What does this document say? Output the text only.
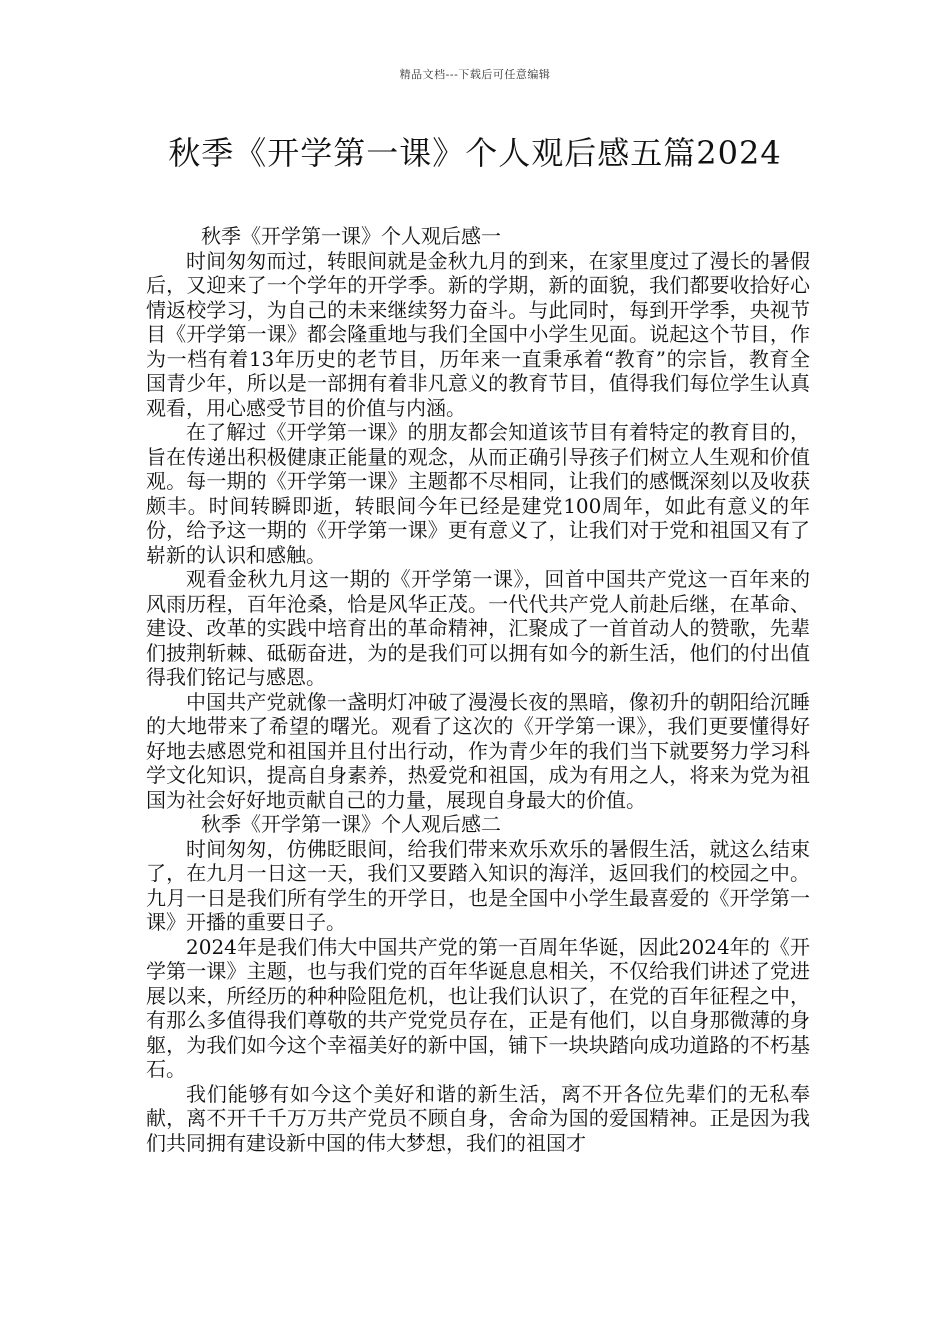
精品文档---下载后可任意编辑
秋季《开学第一课》个人观后感五篇2024

秋季《开学第一课》个人观后感一

时间匆匆而过，转眼间就是金秋九月的到来，在家里度过了漫长的暑假后，又迎来了一个学年的开学季。新的学期，新的面貌，我们都要收拾好心情返校学习，为自己的未来继续努力奋斗。与此同时，每到开学季，央视节目《开学第一课》都会隆重地与我们全国中小学生见面。说起这个节目，作为一档有着13年历史的老节目，历年来一直秉承着“教育”的宗旨，教育全国青少年，所以是一部拥有着非凡意义的教育节目，值得我们每位学生认真观看，用心感受节目的价值与内涵。

在了解过《开学第一课》的朋友都会知道该节目有着特定的教育目的，旨在传递出积极健康正能量的观念，从而正确引导孩子们树立人生观和价值观。每一期的《开学第一课》主题都不尽相同，让我们的感慨深刻以及收获颇丰。时间转瞬即逝，转眼间今年已经是建党100周年，如此有意义的年份，给予这一期的《开学第一课》更有意义了，让我们对于党和祖国又有了崭新的认识和感触。

观看金秋九月这一期的《开学第一课》，回首中国共产党这一百年来的风雨历程，百年沧桑，恰是风华正茂。一代代共产党人前赴后继，在革命、建设、改革的实践中培育出的革命精神，汇聚成了一首首动人的赞歌，先辈们披荆斩棘、砥砺奋进，为的是我们可以拥有如今的新生活，他们的付出值得我们铭记与感恩。

中国共产党就像一盏明灯冲破了漫漫长夜的黑暗，像初升的朝阳给沉睡的大地带来了希望的曙光。观看了这次的《开学第一课》，我们更要懂得好好地去感恩党和祖国并且付出行动，作为青少年的我们当下就要努力学习科学文化知识，提高自身素养，热爱党和祖国，成为有用之人，将来为党为祖国为社会好好地贡献自己的力量，展现自身最大的价值。

秋季《开学第一课》个人观后感二

时间匆匆，仿佛眨眼间，给我们带来欢乐欢乐的暑假生活，就这么结束了，在九月一日这一天，我们又要踏入知识的海洋，返回我们的校园之中。九月一日是我们所有学生的开学日，也是全国中小学生最喜爱的《开学第一课》开播的重要日子。

2024年是我们伟大中国共产党的第一百周年华诞，因此2024年的《开学第一课》主题，也与我们党的百年华诞息息相关，不仅给我们讲述了党进展以来，所经历的种种险阻危机，也让我们认识了，在党的百年征程之中，有那么多值得我们尊敬的共产党党员存在，正是有他们，以自身那微薄的身躯，为我们如今这个幸福美好的新中国，铺下一块块踏向成功道路的不朽基石。

我们能够有如今这个美好和谐的新生活，离不开各位先辈们的无私奉献，离不开千千万万共产党员不顾自身，舍命为国的爱国精神。正是因为我们共同拥有建设新中国的伟大梦想，我们的祖国才
